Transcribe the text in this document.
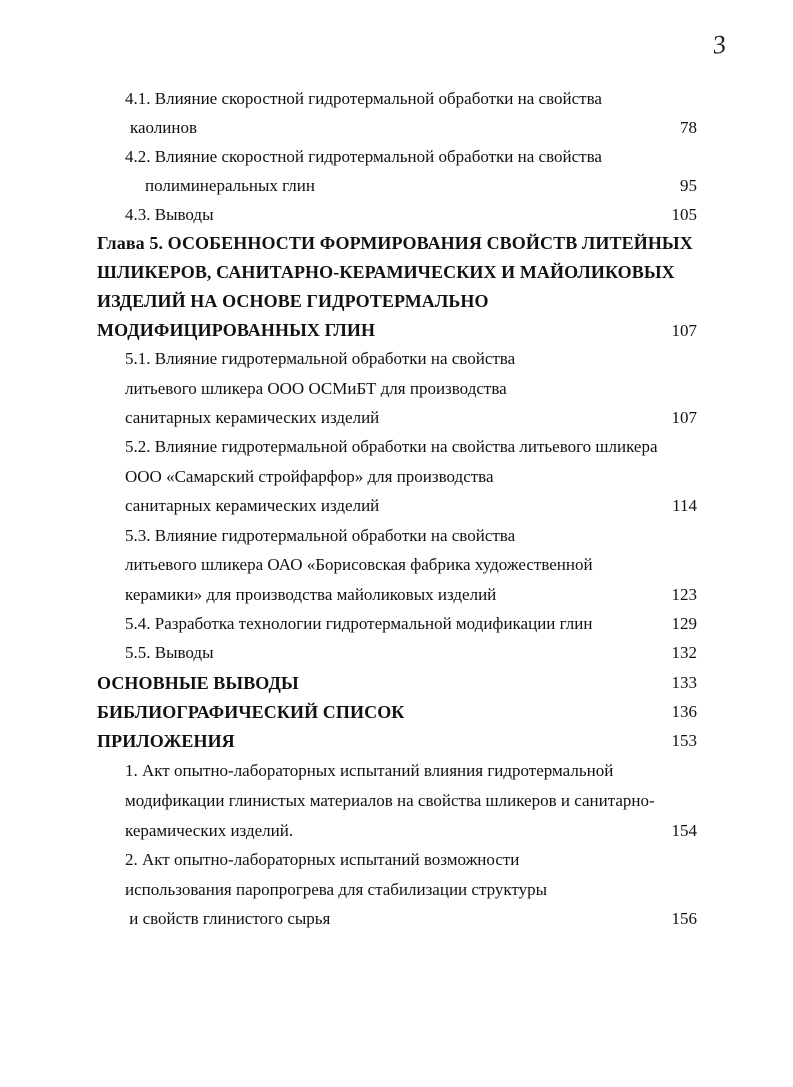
3
4.1. Влияние скоростной гидротермальной обработки на свойства
каолинов	78
4.2. Влияние скоростной гидротермальной обработки на свойства
полиминеральных глин	95
4.3. Выводы	105
Глава 5. ОСОБЕННОСТИ ФОРМИРОВАНИЯ СВОЙСТВ ЛИТЕЙНЫХ
ШЛИКЕРОВ, САНИТАРНО-КЕРАМИЧЕСКИХ И МАЙОЛИКОВЫХ
ИЗДЕЛИЙ НА ОСНОВЕ ГИДРОТЕРМАЛЬНО
МОДИФИЦИРОВАННЫХ ГЛИН	107
5.1. Влияние гидротермальной обработки на свойства
литьевого шликера ООО ОСМиБТ для производства
санитарных керамических изделий	107
5.2. Влияние гидротермальной обработки на свойства литьевого шликера
ООО «Самарский стройфарфор» для производства
санитарных керамических изделий	114
5.3. Влияние гидротермальной обработки на свойства
литьевого шликера ОАО «Борисовская фабрика художественной
керамики» для производства майоликовых изделий	123
5.4. Разработка технологии гидротермальной модификации глин	129
5.5. Выводы	132
ОСНОВНЫЕ ВЫВОДЫ	133
БИБЛИОГРАФИЧЕСКИЙ СПИСОК	136
ПРИЛОЖЕНИЯ	153
1. Акт опытно-лабораторных испытаний влияния гидротермальной
модификации глинистых материалов на свойства шликеров и санитарно-
керамических изделий.	154
2. Акт опытно-лабораторных испытаний возможности
использования паропрогрева для стабилизации структуры
и свойств глинистого сырья	156
